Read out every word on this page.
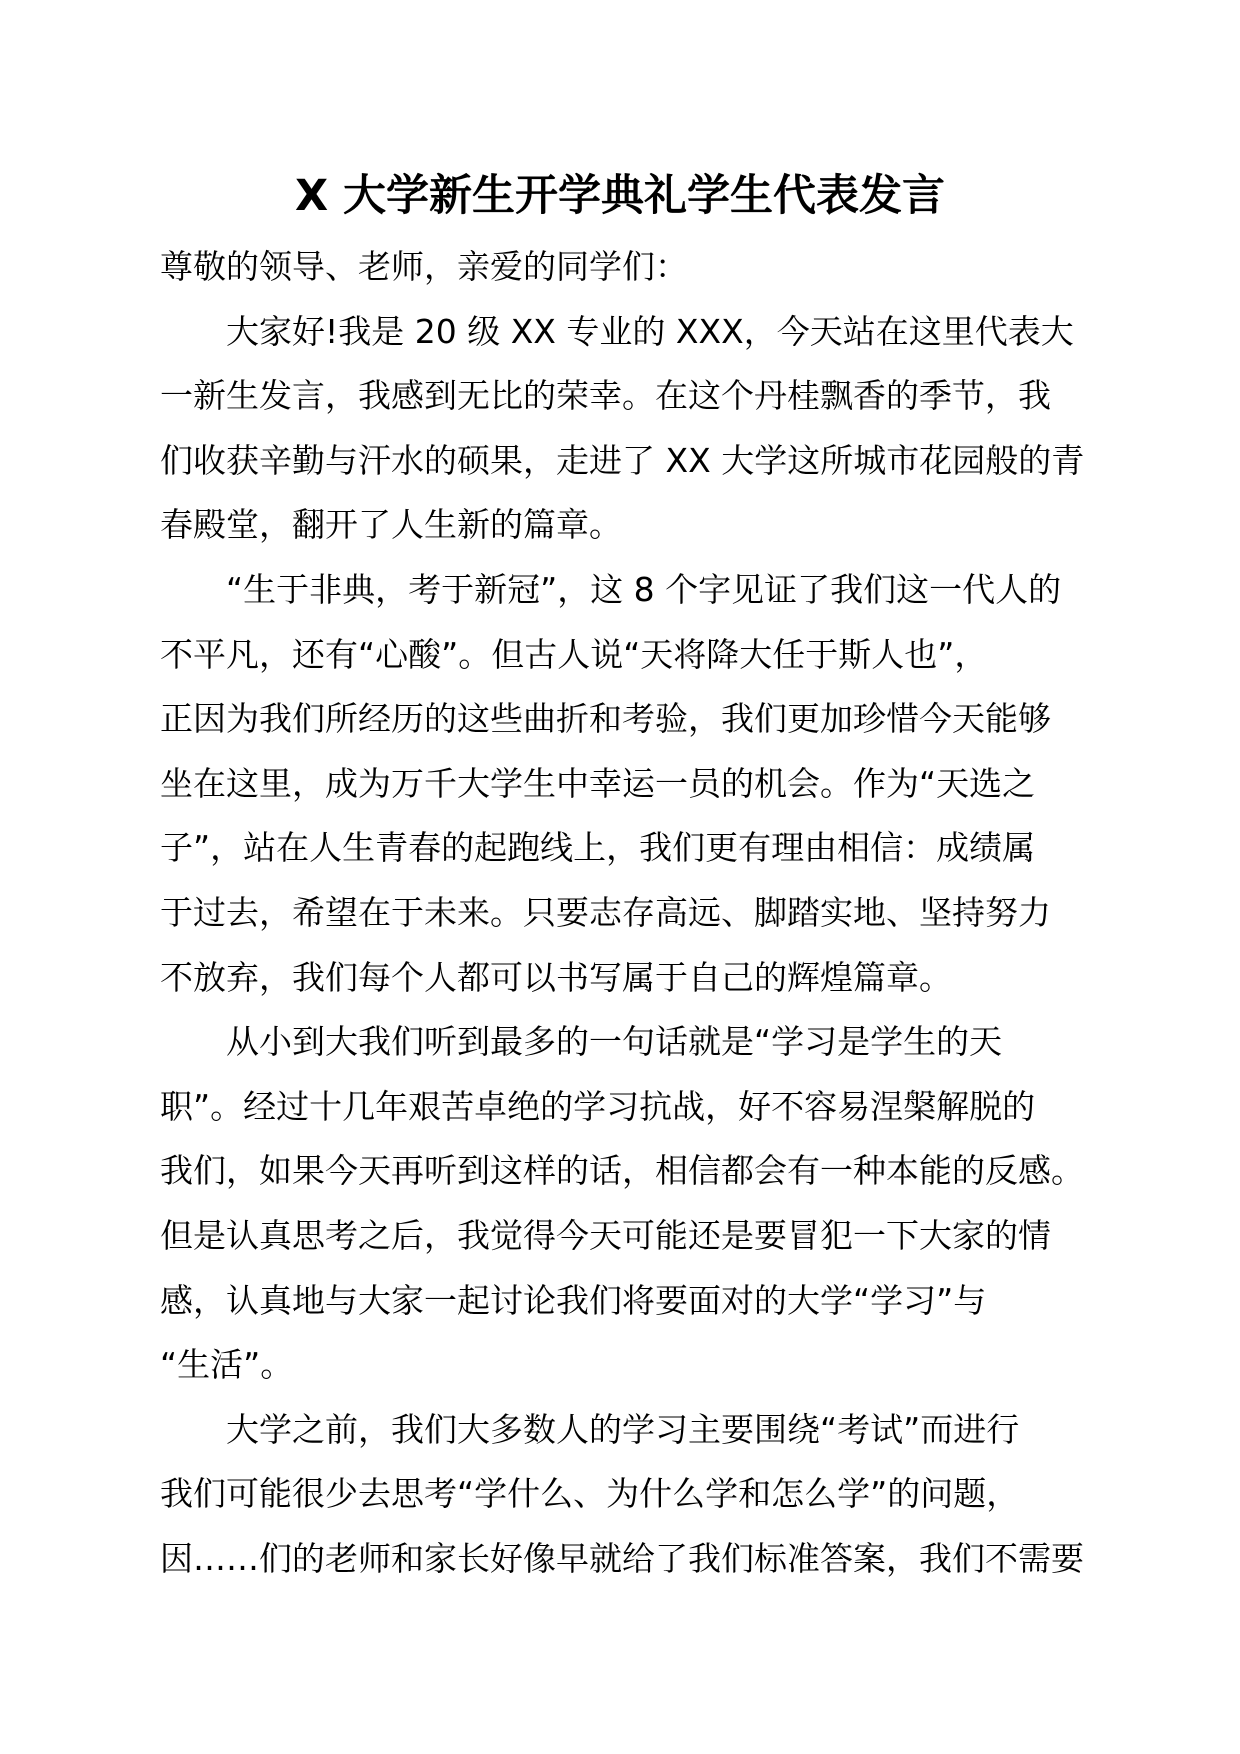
X 大学新生开学典礼学生代表发言

尊敬的领导、老师，亲爱的同学们：

大家好!我是 20 级 XX 专业的 XXX，今天站在这里代表大

一新生发言，我感到无比的荣幸。在这个丹桂飘香的季节，我

们收获辛勤与汗水的硕果，走进了 XX 大学这所城市花园般的青

春殿堂，翻开了人生新的篇章。

“生于非典，考于新冠”，这 8 个字见证了我们这一代人的

不平凡，还有“心酸”。但古人说“天将降大任于斯人也”，

正因为我们所经历的这些曲折和考验，我们更加珍惜今天能够

坐在这里，成为万千大学生中幸运一员的机会。作为“天选之

子”，站在人生青春的起跑线上，我们更有理由相信：成绩属

于过去，希望在于未来。只要志存高远、脚踏实地、坚持努力

不放弃，我们每个人都可以书写属于自己的辉煌篇章。

从小到大我们听到最多的一句话就是“学习是学生的天

职”。经过十几年艰苦卓绝的学习抗战，好不容易涅槃解脱的

我们，如果今天再听到这样的话，相信都会有一种本能的反感。

但是认真思考之后，我觉得今天可能还是要冒犯一下大家的情

感，认真地与大家一起讨论我们将要面对的大学“学习”与

“生活”。

大学之前，我们大多数人的学习主要围绕“考试”而进行

我们可能很少去思考“学什么、为什么学和怎么学”的问题，

因……们的老师和家长好像早就给了我们标准答案，我们不需要
